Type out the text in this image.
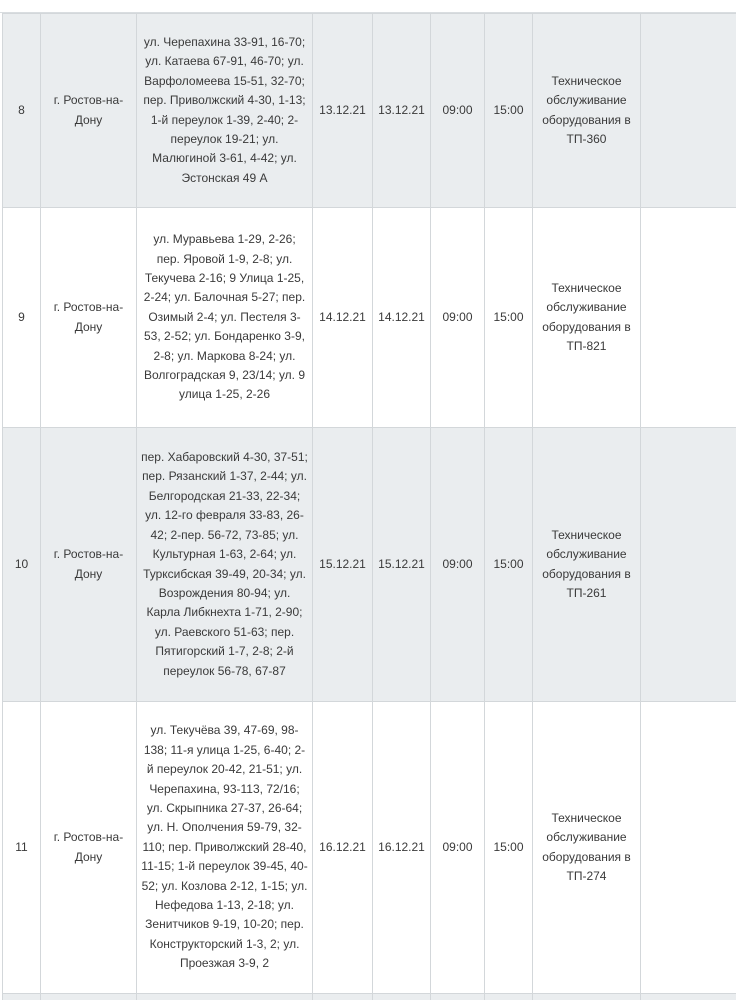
8	г. Ростов-на-Дону	ул. Черепахина 33-91, 16-70; ул. Катаева 67-91, 46-70; ул. Варфоломеева 15-51, 32-70; пер. Приволжский 4-30, 1-13; 1-й переулок 1-39, 2-40; 2-переулок 19-21; ул. Малюгиной 3-61, 4-42; ул. Эстонская 49 А	13.12.21	13.12.21	09:00	15:00	Техническое обслуживание оборудования в ТП-360	
9	г. Ростов-на-Дону	ул. Муравьева 1-29, 2-26; пер. Яровой 1-9, 2-8; ул. Текучева 2-16; 9 Улица 1-25, 2-24; ул. Балочная 5-27; пер. Озимый 2-4; ул. Пестеля 3-53, 2-52; ул. Бондаренко 3-9, 2-8; ул. Маркова 8-24; ул. Волгоградская 9, 23/14; ул. 9 улица 1-25, 2-26	14.12.21	14.12.21	09:00	15:00	Техническое обслуживание оборудования в ТП-821	
10	г. Ростов-на-Дону	пер. Хабаровский 4-30, 37-51; пер. Рязанский 1-37, 2-44; ул. Белгородская 21-33, 22-34; ул. 12-го февраля 33-83, 26-42; 2-пер. 56-72, 73-85; ул. Культурная 1-63, 2-64; ул. Турксибская 39-49, 20-34; ул. Возрождения 80-94; ул. Карла Либкнехта 1-71, 2-90; ул. Раевского 51-63; пер. Пятигорский 1-7, 2-8; 2-й переулок 56-78, 67-87	15.12.21	15.12.21	09:00	15:00	Техническое обслуживание оборудования в ТП-261	
11	г. Ростов-на-Дону	ул. Текучёва 39, 47-69, 98-138; 11-я улица 1-25, 6-40; 2-й переулок 20-42, 21-51; ул. Черепахина, 93-113, 72/16; ул. Скрыпника 27-37, 26-64; ул. Н. Ополчения 59-79, 32-110; пер. Приволжский 28-40, 11-15; 1-й переулок 39-45, 40-52; ул. Козлова 2-12, 1-15; ул. Нефедова 1-13, 2-18; ул. Зенитчиков 9-19, 10-20; пер. Конструкторский 1-3, 2; ул. Проезжая 3-9, 2	16.12.21	16.12.21	09:00	15:00	Техническое обслуживание оборудования в ТП-274	
